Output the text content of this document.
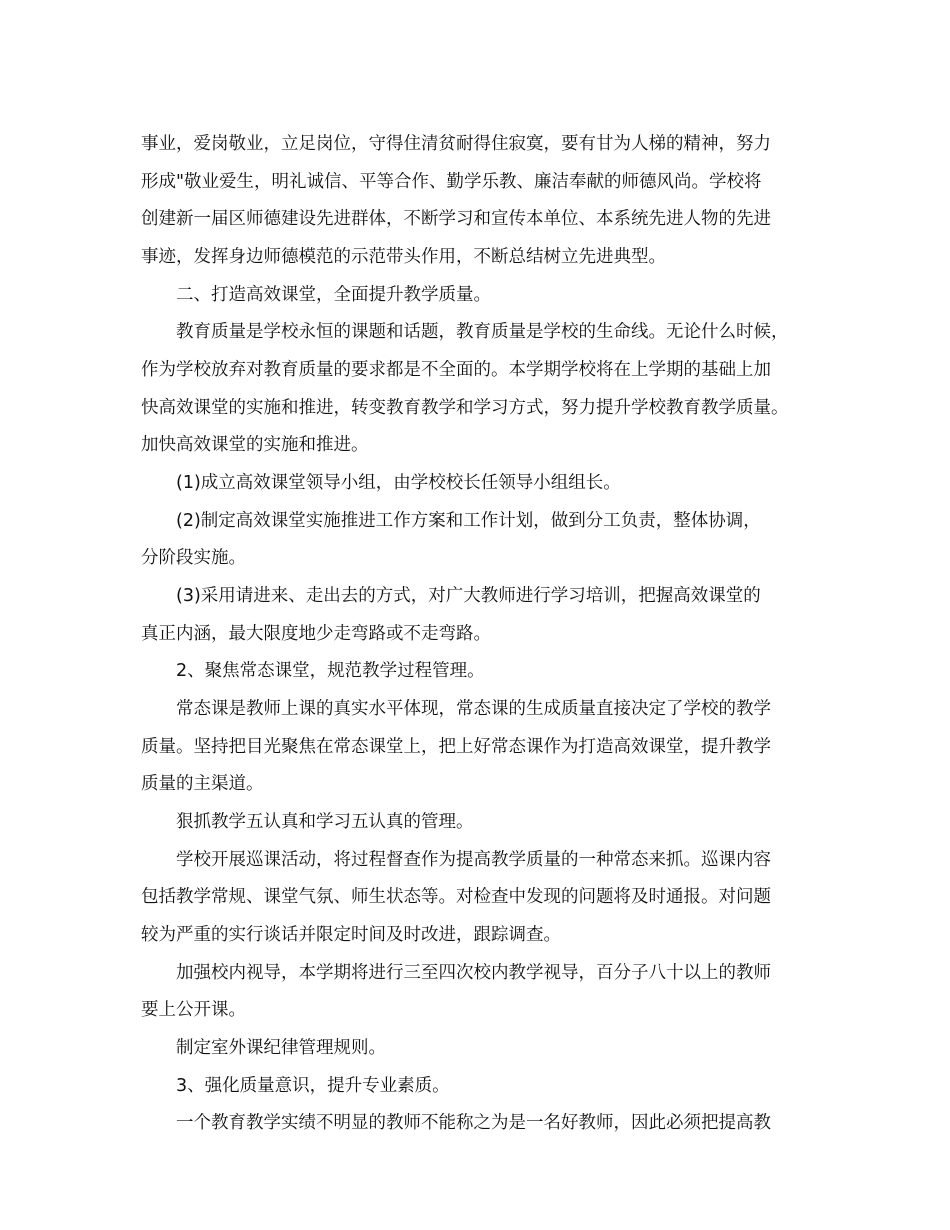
事业，爱岗敬业，立足岗位，守得住清贫耐得住寂寞，要有甘为人梯的精神，努力
形成"敬业爱生，明礼诚信、平等合作、勤学乐教、廉洁奉献的师德风尚。学校将
创建新一届区师德建设先进群体，不断学习和宣传本单位、本系统先进人物的先进
事迹，发挥身边师德模范的示范带头作用，不断总结树立先进典型。
二、打造高效课堂，全面提升教学质量。
教育质量是学校永恒的课题和话题，教育质量是学校的生命线。无论什么时候，
作为学校放弃对教育质量的要求都是不全面的。本学期学校将在上学期的基础上加
快高效课堂的实施和推进，转变教育教学和学习方式，努力提升学校教育教学质量。
加快高效课堂的实施和推进。
(1)成立高效课堂领导小组，由学校校长任领导小组组长。
(2)制定高效课堂实施推进工作方案和工作计划，做到分工负责，整体协调，
分阶段实施。
(3)采用请进来、走出去的方式，对广大教师进行学习培训，把握高效课堂的
真正内涵，最大限度地少走弯路或不走弯路。
2、聚焦常态课堂，规范教学过程管理。
常态课是教师上课的真实水平体现，常态课的生成质量直接决定了学校的教学
质量。坚持把目光聚焦在常态课堂上，把上好常态课作为打造高效课堂，提升教学
质量的主渠道。
狠抓教学五认真和学习五认真的管理。
学校开展巡课活动，将过程督查作为提高教学质量的一种常态来抓。巡课内容
包括教学常规、课堂气氛、师生状态等。对检查中发现的问题将及时通报。对问题
较为严重的实行谈话并限定时间及时改进，跟踪调查。
加强校内视导，本学期将进行三至四次校内教学视导，百分子八十以上的教师
要上公开课。
制定室外课纪律管理规则。
3、强化质量意识，提升专业素质。
一个教育教学实绩不明显的教师不能称之为是一名好教师，因此必须把提高教
